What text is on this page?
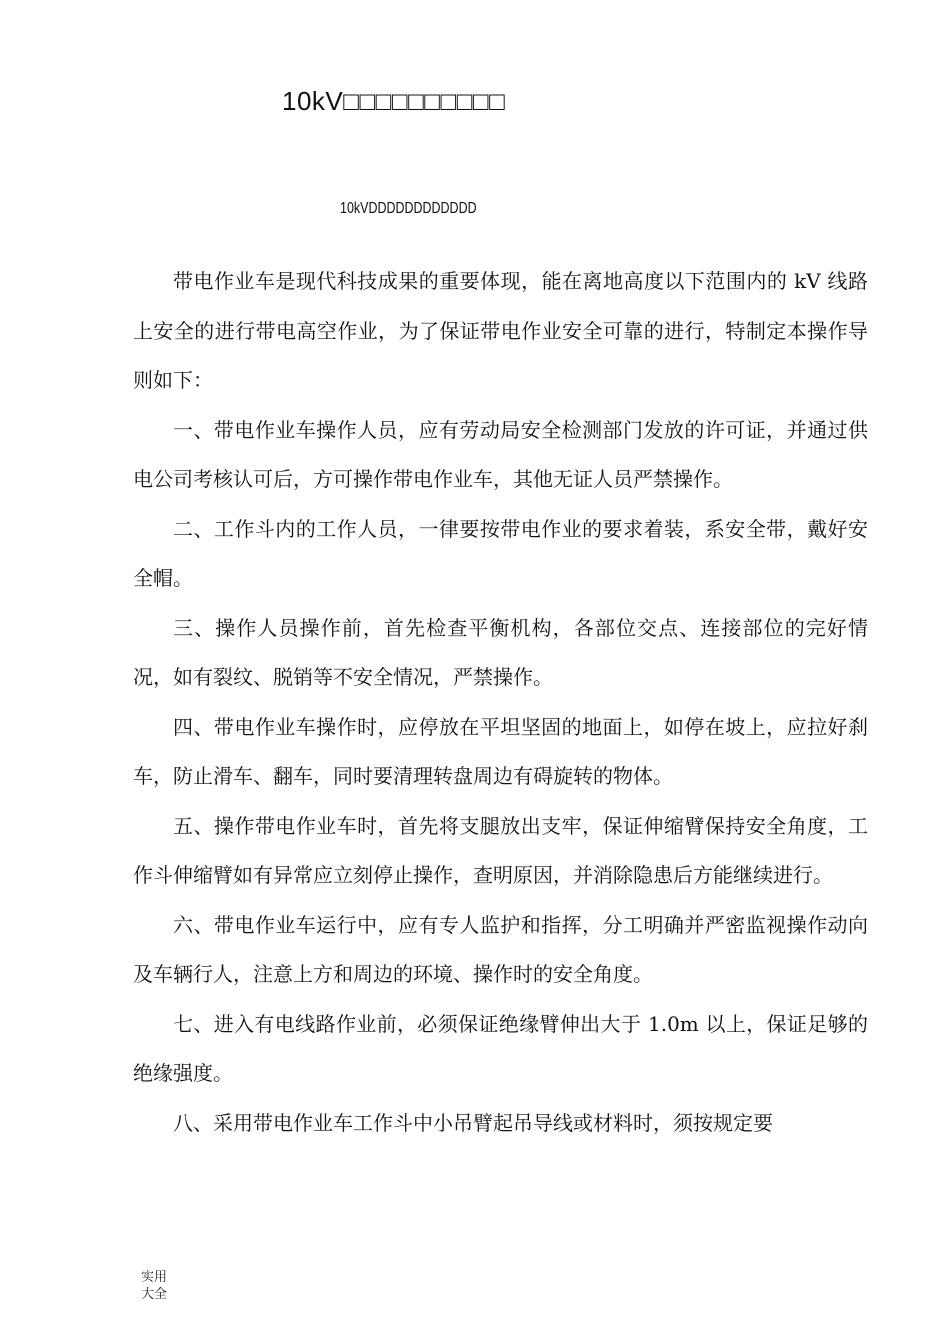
10kV□□□□□□□□□□
10kVDDDDDDDDDDDD

带电作业车是现代科技成果的重要体现，能在离地高度以下范围内的 kV 线路上安全的进行带电高空作业，为了保证带电作业安全可靠的进行，特制定本操作导则如下：

一、带电作业车操作人员，应有劳动局安全检测部门发放的许可证，并通过供电公司考核认可后，方可操作带电作业车，其他无证人员严禁操作。

二、工作斗内的工作人员，一律要按带电作业的要求着装，系安全带，戴好安全帽。

三、操作人员操作前，首先检查平衡机构，各部位交点、连接部位的完好情况，如有裂纹、脱销等不安全情况，严禁操作。

四、带电作业车操作时，应停放在平坦坚固的地面上，如停在坡上，应拉好刹车，防止滑车、翻车，同时要清理转盘周边有碍旋转的物体。

五、操作带电作业车时，首先将支腿放出支牢，保证伸缩臂保持安全角度，工作斗伸缩臂如有异常应立刻停止操作，查明原因，并消除隐患后方能继续进行。

六、带电作业车运行中，应有专人监护和指挥，分工明确并严密监视操作动向及车辆行人，注意上方和周边的环境、操作时的安全角度。

七、进入有电线路作业前，必须保证绝缘臂伸出大于 1.0m 以上，保证足够的绝缘强度。

八、采用带电作业车工作斗中小吊臂起吊导线或材料时，须按规定要

实用大全
